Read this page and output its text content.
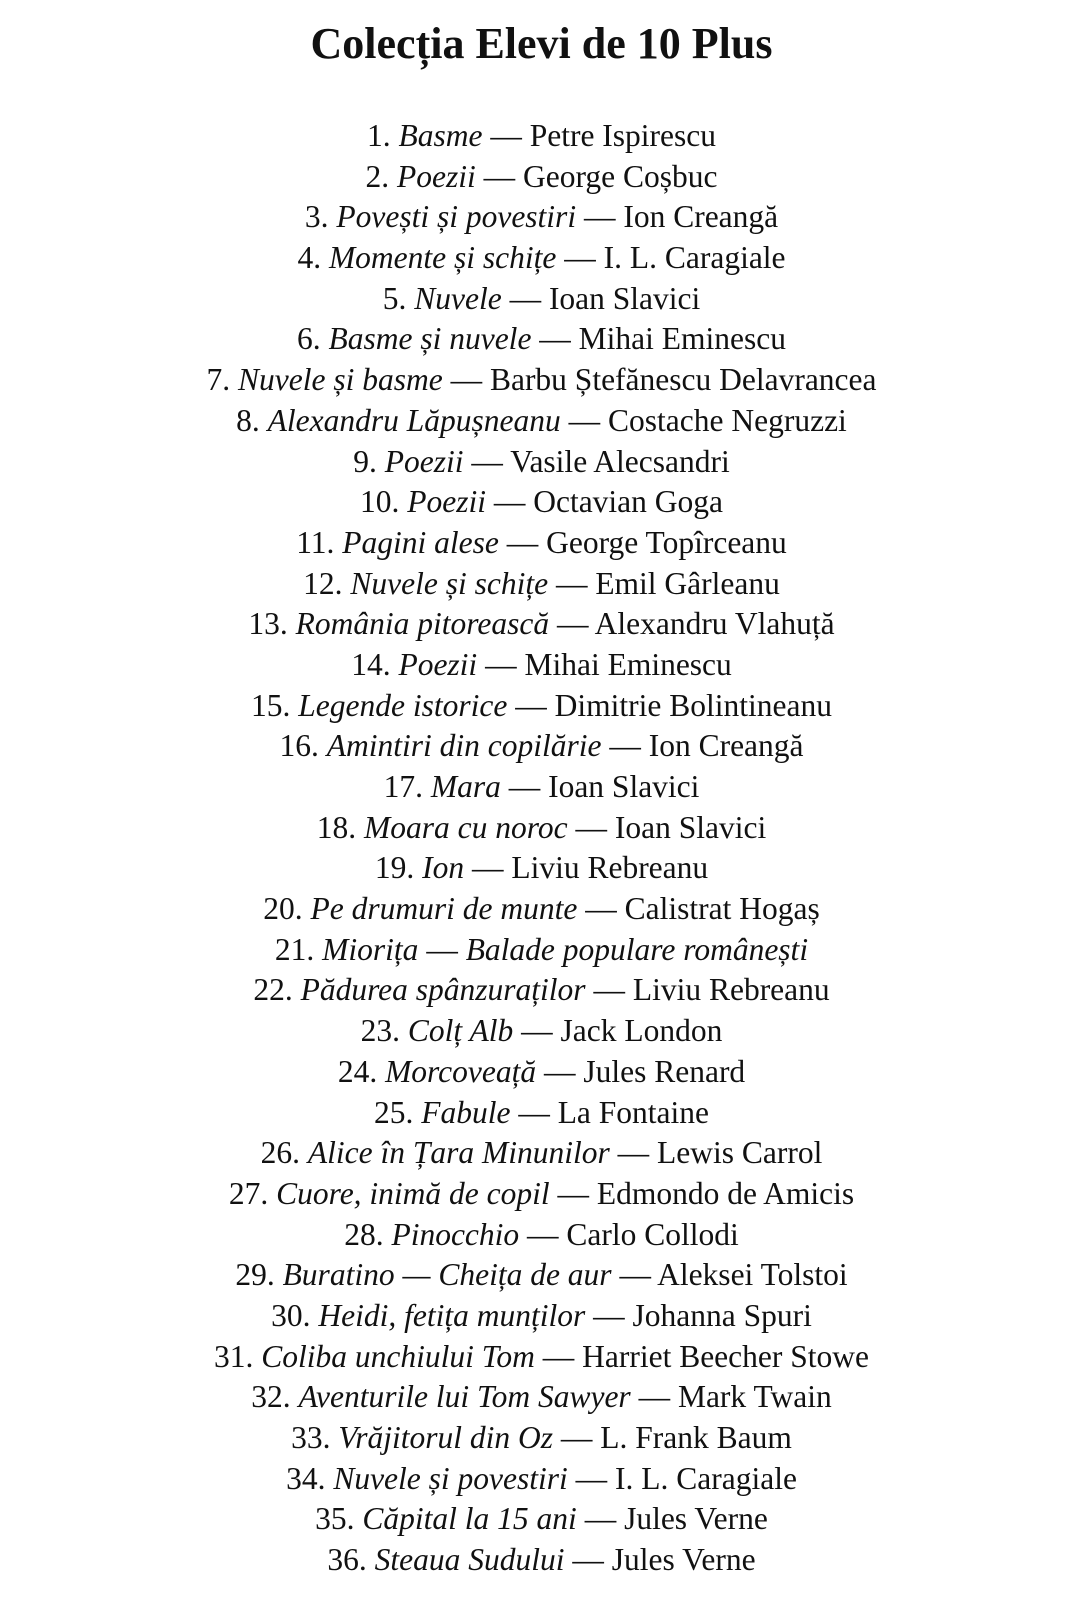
Colecția Elevi de 10 Plus
1. Basme — Petre Ispirescu
2. Poezii — George Coșbuc
3. Povești și povestiri — Ion Creangă
4. Momente și schițe — I. L. Caragiale
5. Nuvele — Ioan Slavici
6. Basme și nuvele — Mihai Eminescu
7. Nuvele și basme — Barbu Ștefănescu Delavrancea
8. Alexandru Lăpușneanu — Costache Negruzzi
9. Poezii — Vasile Alecsandri
10. Poezii — Octavian Goga
11. Pagini alese — George Topîrceanu
12. Nuvele și schițe — Emil Gârleanu
13. România pitorească — Alexandru Vlahuță
14. Poezii — Mihai Eminescu
15. Legende istorice — Dimitrie Bolintineanu
16. Amintiri din copilărie — Ion Creangă
17. Mara — Ioan Slavici
18. Moara cu noroc — Ioan Slavici
19. Ion — Liviu Rebreanu
20. Pe drumuri de munte — Calistrat Hogaș
21. Miorița — Balade populare românești
22. Pădurea spânzuraților — Liviu Rebreanu
23. Colț Alb — Jack London
24. Morcoveață — Jules Renard
25. Fabule — La Fontaine
26. Alice în Țara Minunilor — Lewis Carrol
27. Cuore, inimă de copil — Edmondo de Amicis
28. Pinocchio — Carlo Collodi
29. Buratino — Cheița de aur — Aleksei Tolstoi
30. Heidi, fetița munților — Johanna Spuri
31. Coliba unchiului Tom — Harriet Beecher Stowe
32. Aventurile lui Tom Sawyer — Mark Twain
33. Vrăjitorul din Oz — L. Frank Baum
34. Nuvele și povestiri — I. L. Caragiale
35. Căpital la 15 ani — Jules Verne
36. Steaua Sudului — Jules Verne
